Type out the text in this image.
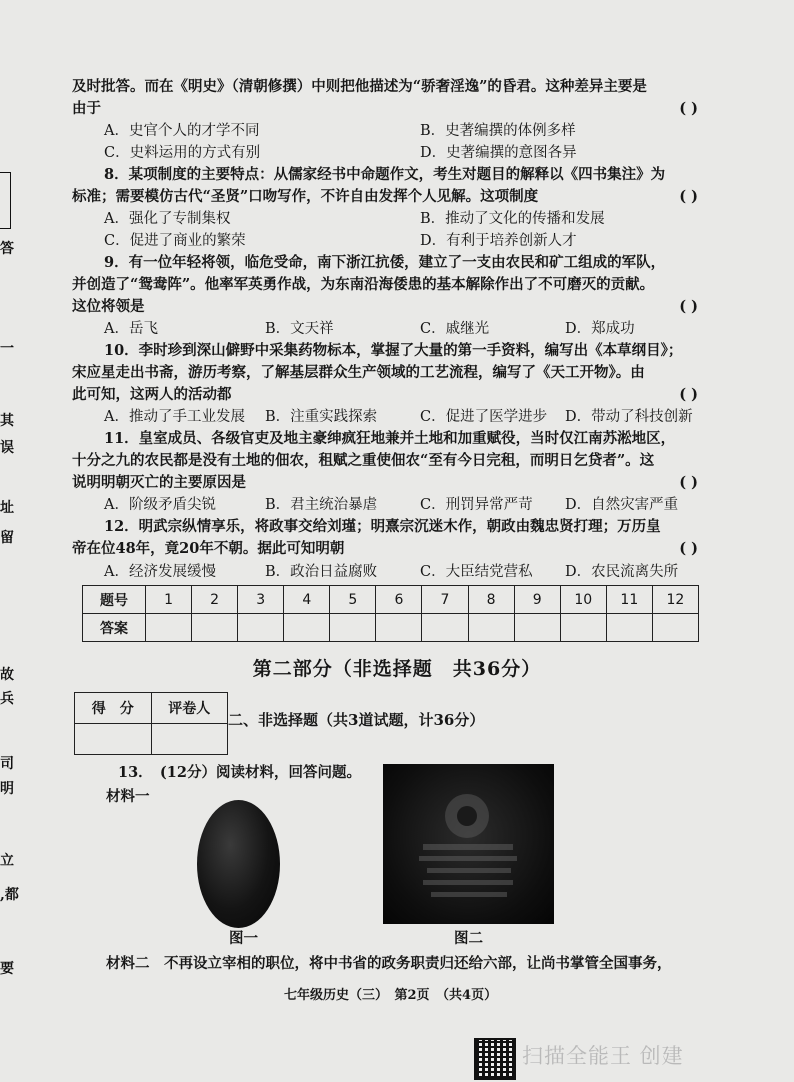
答
一
其
误
址
留
故
兵
司
明
立
,都
要
及时批答。而在《明史》（清朝修撰）中则把他描述为“骄奢淫逸”的昏君。这种差异主要是
由于	( )
A．史官个人的才学不同	B．史著编撰的体例多样
C．史料运用的方式有别	D．史著编撰的意图各异
8．某项制度的主要特点：从儒家经书中命题作文，考生对题目的解释以《四书集注》为
标准；需要模仿古代“圣贤”口吻写作，不许自由发挥个人见解。这项制度	( )
A．强化了专制集权	B．推动了文化的传播和发展
C．促进了商业的繁荣	D．有利于培养创新人才
9．有一位年轻将领，临危受命，南下浙江抗倭，建立了一支由农民和矿工组成的军队，
并创造了“鸳鸯阵”。他率军英勇作战，为东南沿海倭患的基本解除作出了不可磨灭的贡献。
这位将领是	( )
A．岳飞	B．文天祥	C．戚继光	D．郑成功
10．李时珍到深山僻野中采集药物标本，掌握了大量的第一手资料，编写出《本草纲目》；
宋应星走出书斋，游历考察，了解基层群众生产领域的工艺流程，编写了《天工开物》。由
此可知，这两人的活动都	( )
A．推动了手工业发展 B．注重实践探索	C．促进了医学进步 D．带动了科技创新
11．皇室成员、各级官吏及地主豪绅疯狂地兼并土地和加重赋役，当时仅江南苏淞地区，
十分之九的农民都是没有土地的佃农，租赋之重使佃农“至有今日完租，而明日乞贷者”。这
说明明朝灭亡的主要原因是	( )
A．阶级矛盾尖锐	B．君主统治暴虐	C．刑罚异常严苛 D．自然灾害严重
12．明武宗纵情享乐，将政事交给刘瑾；明熹宗沉迷木作，朝政由魏忠贤打理；万历皇
帝在位48年，竟20年不朝。据此可知明朝	( )
A．经济发展缓慢	B．政治日益腐败	C．大臣结党营私 D．农民流离失所
题号	1	2	3	4	5	6	7	8	9	10	11	12
答案												
第二部分（非选择题　共36分）
得　分	评卷人

二、非选择题（共3道试题，计36分）
13．　(12分）阅读材料，回答问题。
材料一
图一	图二
材料二　不再设立宰相的职位，将中书省的政务职责归还给六部，让尚书掌管全国事务，
七年级历史（三）　第2页　（共4页）
扫描全能王 创建
